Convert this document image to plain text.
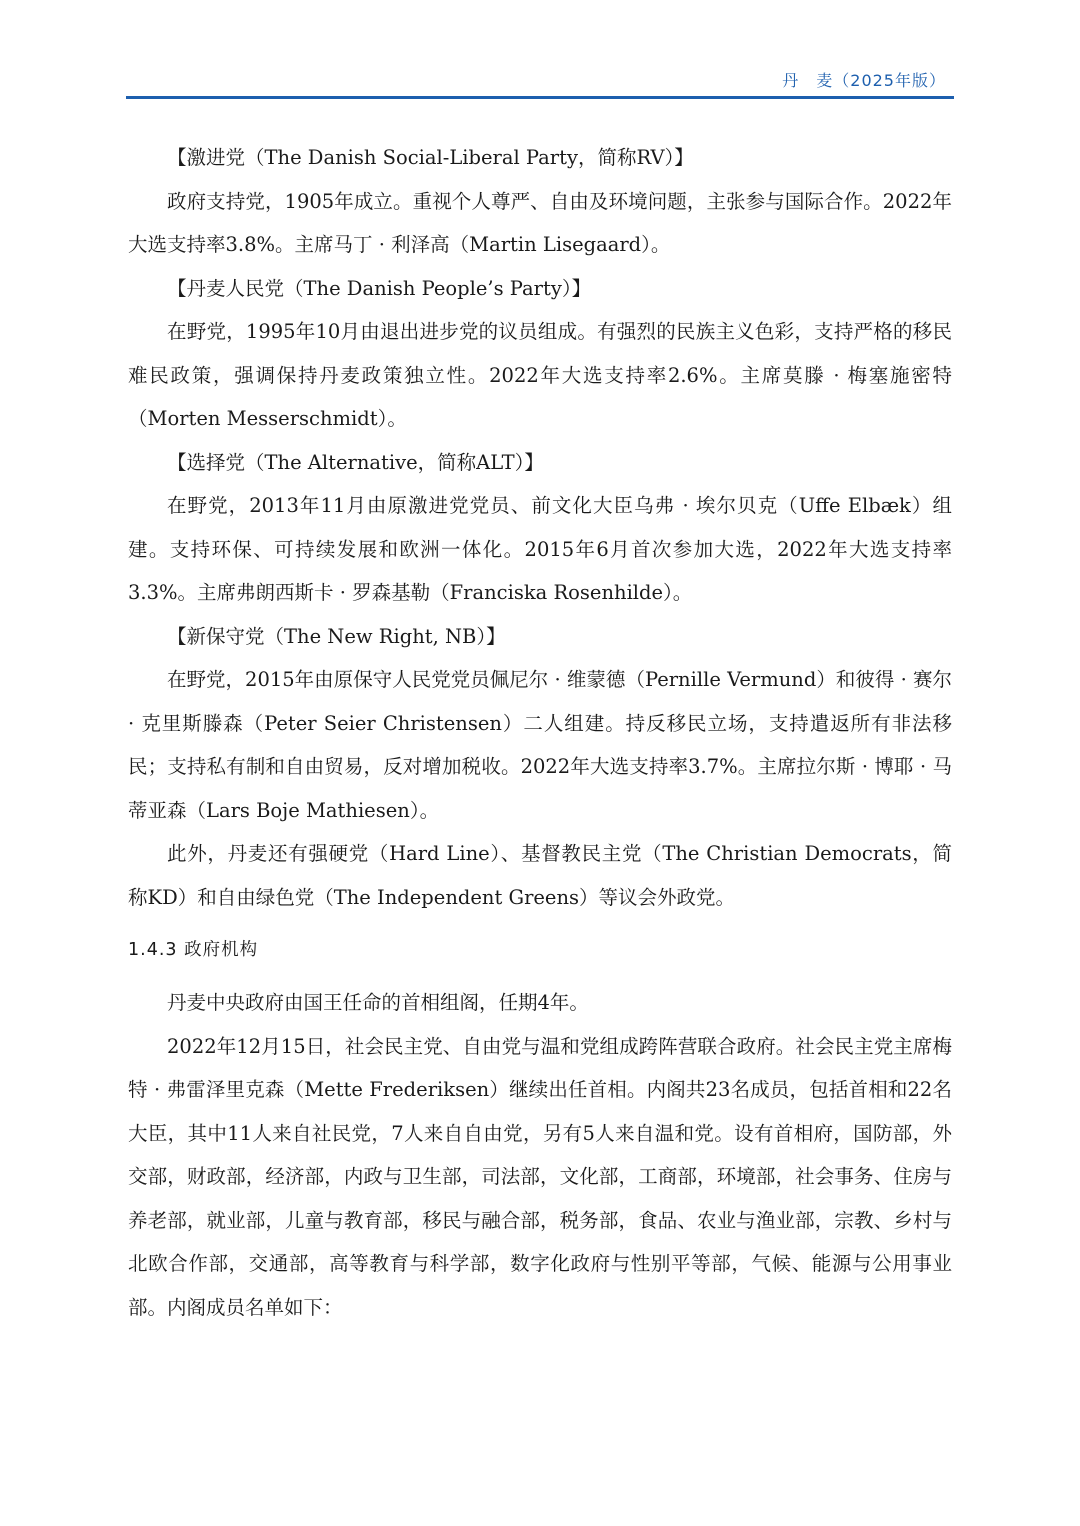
丹　麦（2025年版）

【激进党（The Danish Social-Liberal Party，简称RV）】

政府支持党，1905年成立。重视个人尊严、自由及环境问题，主张参与国际合作。2022年大选支持率3.8%。主席马丁 · 利泽高（Martin Lisegaard）。

【丹麦人民党（The Danish People’s Party）】

在野党，1995年10月由退出进步党的议员组成。有强烈的民族主义色彩，支持严格的移民难民政策，强调保持丹麦政策独立性。2022年大选支持率2.6%。主席莫滕 · 梅塞施密特（Morten Messerschmidt）。

【选择党（The Alternative，简称ALT）】

在野党，2013年11月由原激进党党员、前文化大臣乌弗 · 埃尔贝克（Uffe Elbæk）组建。支持环保、可持续发展和欧洲一体化。2015年6月首次参加大选，2022年大选支持率3.3%。主席弗朗西斯卡 · 罗森基勒（Franciska Rosenhilde）。

【新保守党（The New Right, NB）】

在野党，2015年由原保守人民党党员佩尼尔 · 维蒙德（Pernille Vermund）和彼得 · 赛尔 · 克里斯滕森（Peter Seier Christensen）二人组建。持反移民立场，支持遣返所有非法移民；支持私有制和自由贸易，反对增加税收。2022年大选支持率3.7%。主席拉尔斯 · 博耶 · 马蒂亚森（Lars Boje Mathiesen）。

此外，丹麦还有强硬党（Hard Line）、基督教民主党（The Christian Democrats，简称KD）和自由绿色党（The Independent Greens）等议会外政党。

1.4.3 政府机构

丹麦中央政府由国王任命的首相组阁，任期4年。

2022年12月15日，社会民主党、自由党与温和党组成跨阵营联合政府。社会民主党主席梅特 · 弗雷泽里克森（Mette Frederiksen）继续出任首相。内阁共23名成员，包括首相和22名大臣，其中11人来自社民党，7人来自自由党，另有5人来自温和党。设有首相府，国防部，外交部，财政部，经济部，内政与卫生部，司法部，文化部，工商部，环境部，社会事务、住房与养老部，就业部，儿童与教育部，移民与融合部，税务部，食品、农业与渔业部，宗教、乡村与北欧合作部，交通部，高等教育与科学部，数字化政府与性别平等部，气候、能源与公用事业部。内阁成员名单如下：
